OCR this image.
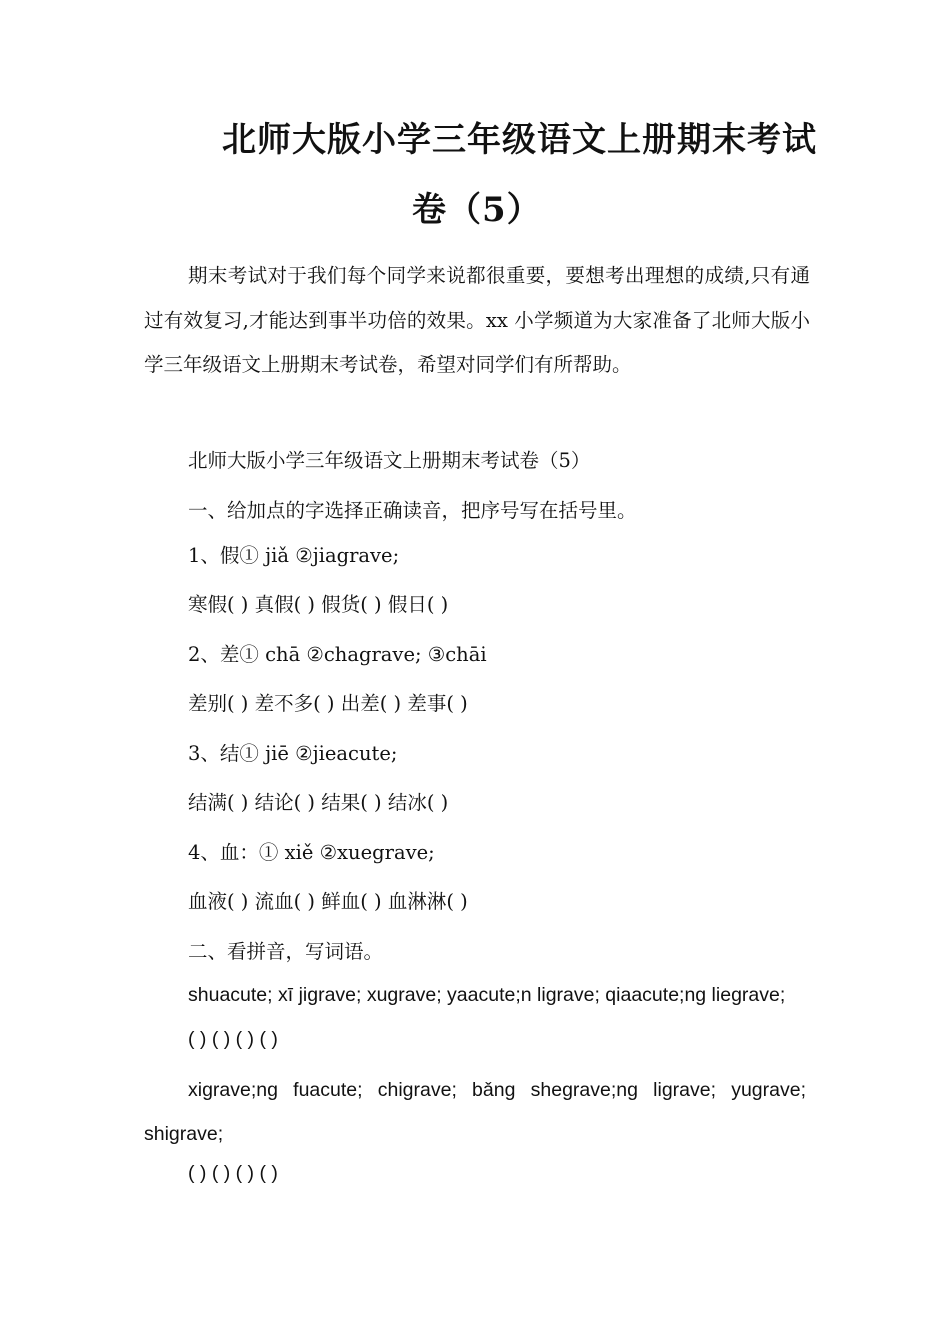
北师大版小学三年级语文上册期末考试
卷（5）
期末考试对于我们每个同学来说都很重要，要想考出理想的成绩,只有通过有效复习,才能达到事半功倍的效果。xx 小学频道为大家准备了北师大版小学三年级语文上册期末考试卷，希望对同学们有所帮助。
北师大版小学三年级语文上册期末考试卷（5）
一、给加点的字选择正确读音，把序号写在括号里。
1、假① jiǎ ②jiagrave;
寒假( ) 真假( ) 假货( ) 假日( )
2、差① chā ②chagrave; ③chāi
差别( ) 差不多( ) 出差( ) 差事( )
3、结① jiē ②jieacute;
结满( ) 结论( ) 结果( ) 结冰( )
4、血：① xiě ②xuegrave;
血液( ) 流血( ) 鲜血( ) 血淋淋( )
二、看拼音，写词语。
shuacute; xī jigrave; xugrave; yaacute;n ligrave; qiaacute;ng liegrave;
( ) ( ) ( ) ( )
xigrave;ng fuacute; chigrave; bǎng shegrave;ng ligrave; yugrave; shigrave;
( ) ( ) ( ) ( )
